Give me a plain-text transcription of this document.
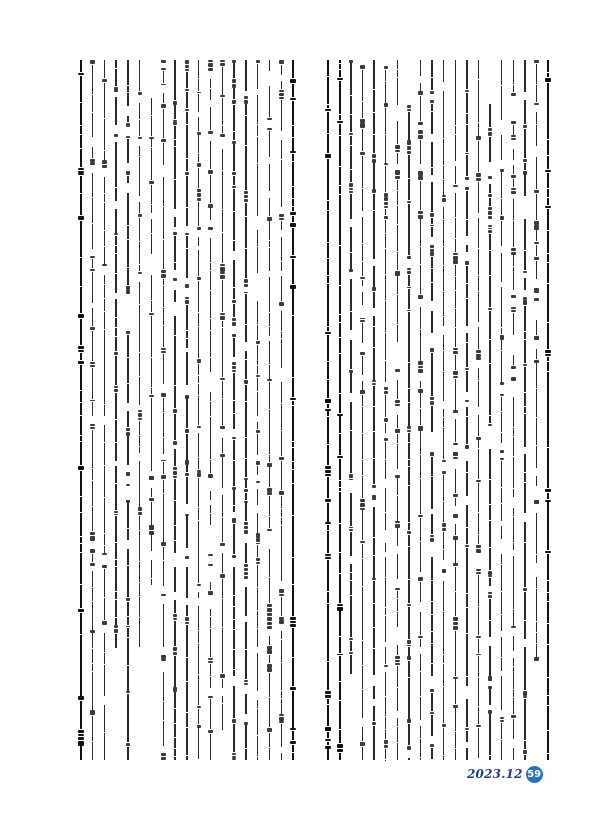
2023.12 59
